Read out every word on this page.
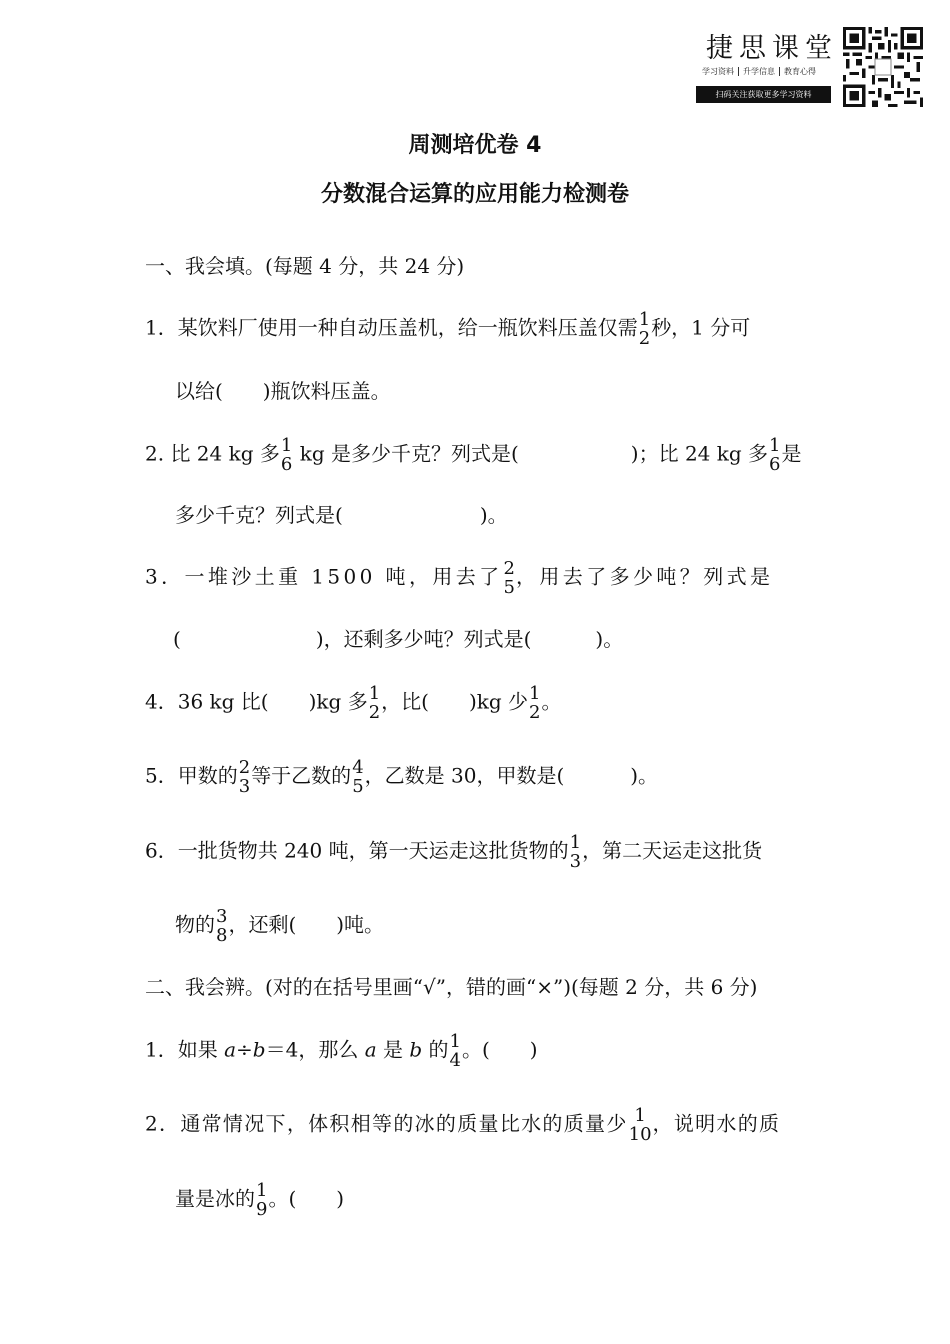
捷思课堂
学习资料 升学信息 教育心得
扫码关注获取更多学习资料
周测培优卷 4
分数混合运算的应用能力检测卷
一、我会填。(每题 4 分，共 24 分)
1．某饮料厂使用一种自动压盖机，给一瓶饮料压盖仅需 1
2 秒，1 分可
以给(　　)瓶饮料压盖。
2. 比 24 kg 多 1
6 kg 是多少千克？列式是(	)；比 24 kg 多 1
6 是
多少千克？列式是(	)。
3．一堆沙土重 1500 吨，用去了 2
5 ，用去了多少吨？列式是
(	)，还剩多少吨？列式是(	)。
4．36 kg 比(　　)kg 多 1
2 ，比(　　)kg 少 1
2 。
5．甲数的 2
3 等于乙数的 4
5 ，乙数是 30，甲数是(	)。
6．一批货物共 240 吨，第一天运走这批货物的 1
3 ，第二天运走这批货
物的 3
8 ，还剩(　　)吨。
二、我会辨。(对的在括号里画“√”，错的画“×”)(每题 2 分，共 6 分)
1．如果 a÷b＝4，那么 a 是 b 的 1
4 。(　　)
2．通常情况下，体积相等的冰的质量比水的质量少 1
10 ，说明水的质
量是冰的 1
9 。(　　)
